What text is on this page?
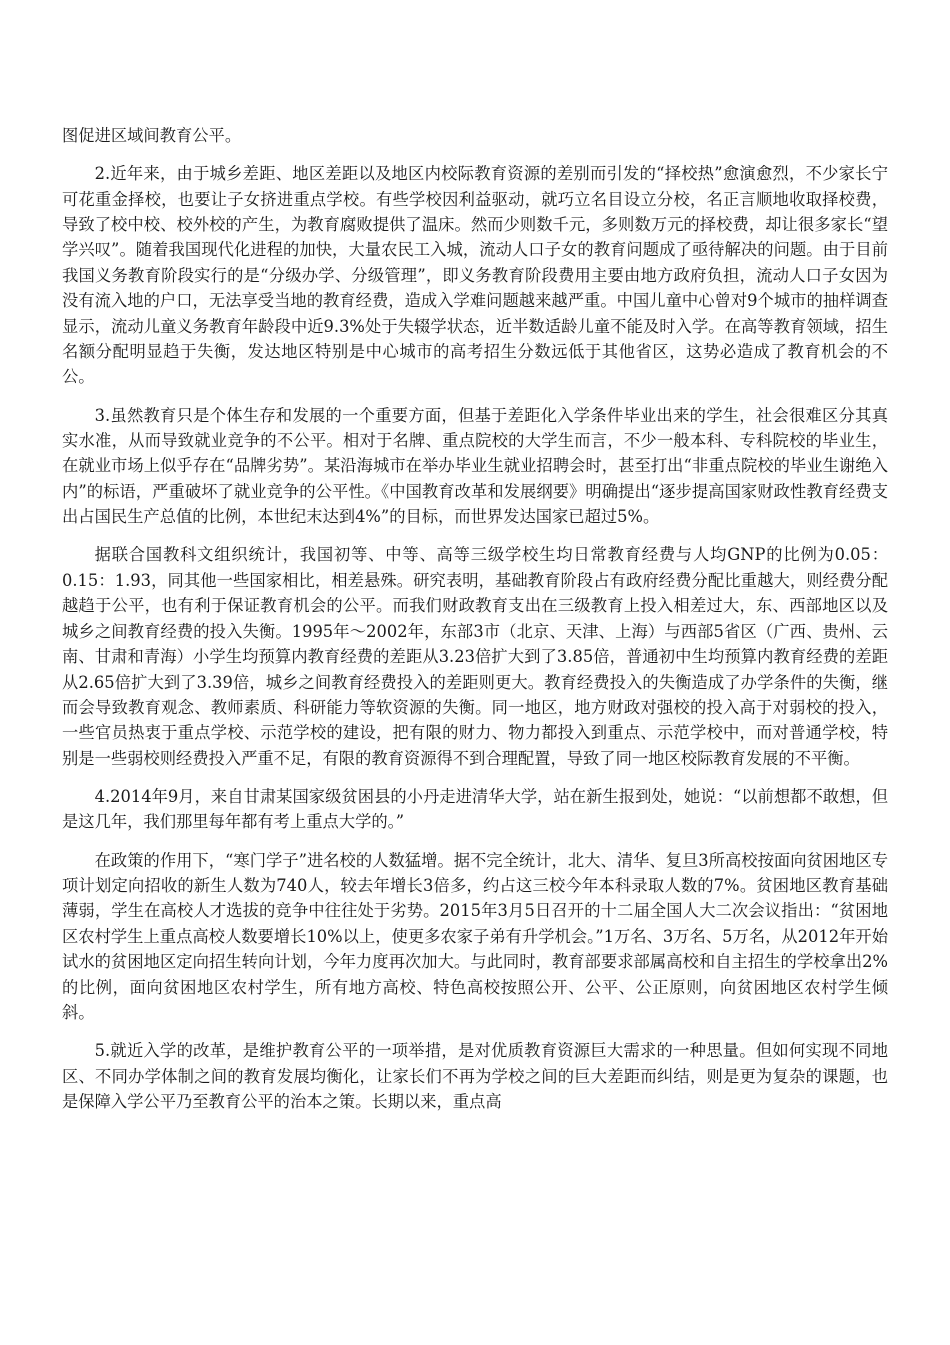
图促进区域间教育公平。

2.近年来，由于城乡差距、地区差距以及地区内校际教育资源的差别而引发的“择校热”愈演愈烈，不少家长宁可花重金择校，也要让子女挤进重点学校。有些学校因利益驱动，就巧立名目设立分校，名正言顺地收取择校费，导致了校中校、校外校的产生，为教育腐败提供了温床。然而少则数千元，多则数万元的择校费，却让很多家长“望学兴叹”。随着我国现代化进程的加快，大量农民工入城，流动人口子女的教育问题成了亟待解决的问题。由于目前我国义务教育阶段实行的是“分级办学、分级管理”，即义务教育阶段费用主要由地方政府负担，流动人口子女因为没有流入地的户口，无法享受当地的教育经费，造成入学难问题越来越严重。中国儿童中心曾对9个城市的抽样调查显示，流动儿童义务教育年龄段中近9.3%处于失辍学状态，近半数适龄儿童不能及时入学。在高等教育领域，招生名额分配明显趋于失衡，发达地区特别是中心城市的高考招生分数远低于其他省区，这势必造成了教育机会的不公。

3.虽然教育只是个体生存和发展的一个重要方面，但基于差距化入学条件毕业出来的学生，社会很难区分其真实水准，从而导致就业竞争的不公平。相对于名牌、重点院校的大学生而言，不少一般本科、专科院校的毕业生，在就业市场上似乎存在“品牌劣势”。某沿海城市在举办毕业生就业招聘会时，甚至打出“非重点院校的毕业生谢绝入内”的标语，严重破坏了就业竞争的公平性。《中国教育改革和发展纲要》明确提出“逐步提高国家财政性教育经费支出占国民生产总值的比例，本世纪末达到4%”的目标，而世界发达国家已超过5%。

据联合国教科文组织统计，我国初等、中等、高等三级学校生均日常教育经费与人均GNP的比例为0.05：0.15：1.93，同其他一些国家相比，相差悬殊。研究表明，基础教育阶段占有政府经费分配比重越大，则经费分配越趋于公平，也有利于保证教育机会的公平。而我们财政教育支出在三级教育上投入相差过大，东、西部地区以及城乡之间教育经费的投入失衡。1995年～2002年，东部3市（北京、天津、上海）与西部5省区（广西、贵州、云南、甘肃和青海）小学生均预算内教育经费的差距从3.23倍扩大到了3.85倍，普通初中生均预算内教育经费的差距从2.65倍扩大到了3.39倍，城乡之间教育经费投入的差距则更大。教育经费投入的失衡造成了办学条件的失衡，继而会导致教育观念、教师素质、科研能力等软资源的失衡。同一地区，地方财政对强校的投入高于对弱校的投入，一些官员热衷于重点学校、示范学校的建设，把有限的财力、物力都投入到重点、示范学校中，而对普通学校，特别是一些弱校则经费投入严重不足，有限的教育资源得不到合理配置，导致了同一地区校际教育发展的不平衡。

4.2014年9月，来自甘肃某国家级贫困县的小丹走进清华大学，站在新生报到处，她说：“以前想都不敢想，但是这几年，我们那里每年都有考上重点大学的。”

在政策的作用下，“寒门学子”进名校的人数猛增。据不完全统计，北大、清华、复旦3所高校按面向贫困地区专项计划定向招收的新生人数为740人，较去年增长3倍多，约占这三校今年本科录取人数的7%。贫困地区教育基础薄弱，学生在高校人才选拔的竞争中往往处于劣势。2015年3月5日召开的十二届全国人大二次会议指出：“贫困地区农村学生上重点高校人数要增长10%以上，使更多农家子弟有升学机会。”1万名、3万名、5万名，从2012年开始试水的贫困地区定向招生转向计划，今年力度再次加大。与此同时，教育部要求部属高校和自主招生的学校拿出2%的比例，面向贫困地区农村学生，所有地方高校、特色高校按照公开、公平、公正原则，向贫困地区农村学生倾斜。

5.就近入学的改革，是维护教育公平的一项举措，是对优质教育资源巨大需求的一种思量。但如何实现不同地区、不同办学体制之间的教育发展均衡化，让家长们不再为学校之间的巨大差距而纠结，则是更为复杂的课题，也是保障入学公平乃至教育公平的治本之策。长期以来，重点高
